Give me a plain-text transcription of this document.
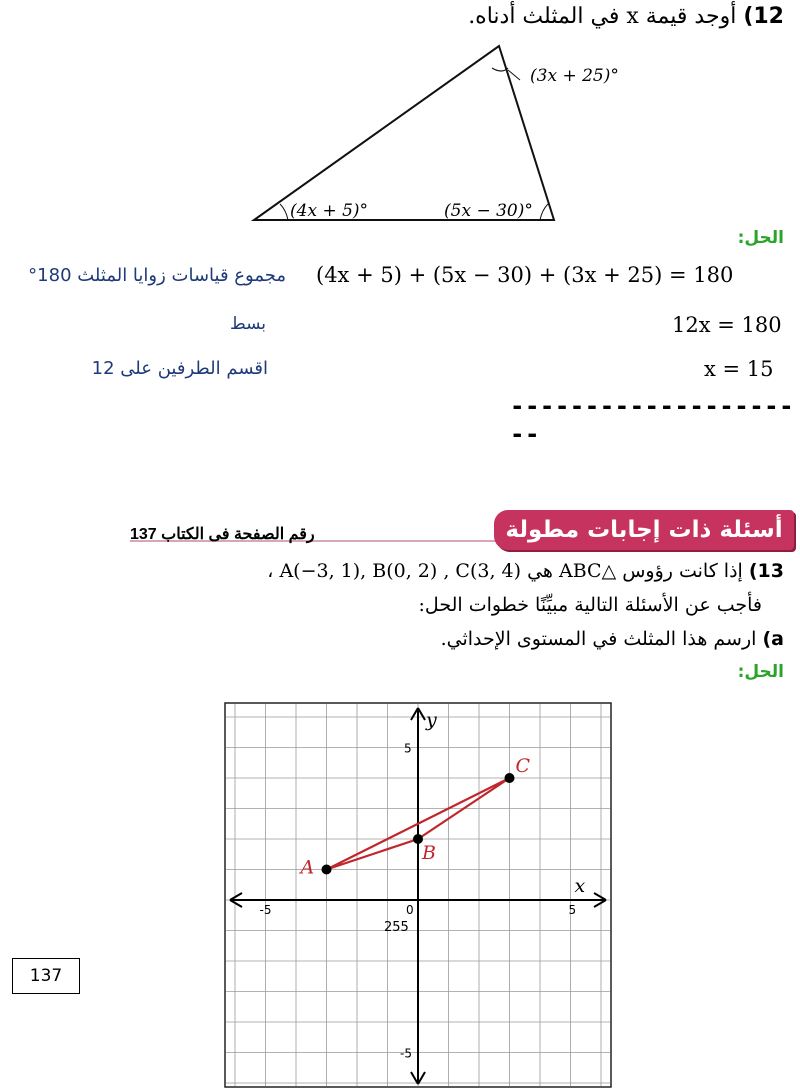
12) أوجد قيمة x في المثلث أدناه.
(3x + 25)°
(4x + 5)°	(5x − 30)°
الحل:
(4x + 5) + (5x − 30) + (3x + 25) = 180
مجموع قياسات زوايا المثلث 180°
12x = 180
بسط
x = 15
اقسم الطرفين على 12
---------------------
رقم الصفحة فى الكتاب 137	أسئلة ذات إجابات مطولة
13) إذا كانت رؤوس △ABC هي A(−3, 1), B(0, 2) , C(3, 4) ،
فأجب عن الأسئلة التالية مبيِّنًا خطوات الحل:
a) ارسم هذا المثلث في المستوى الإحداثي.
الحل:
-5	0	5
5
-5
x
y
A
B
C
255
137
